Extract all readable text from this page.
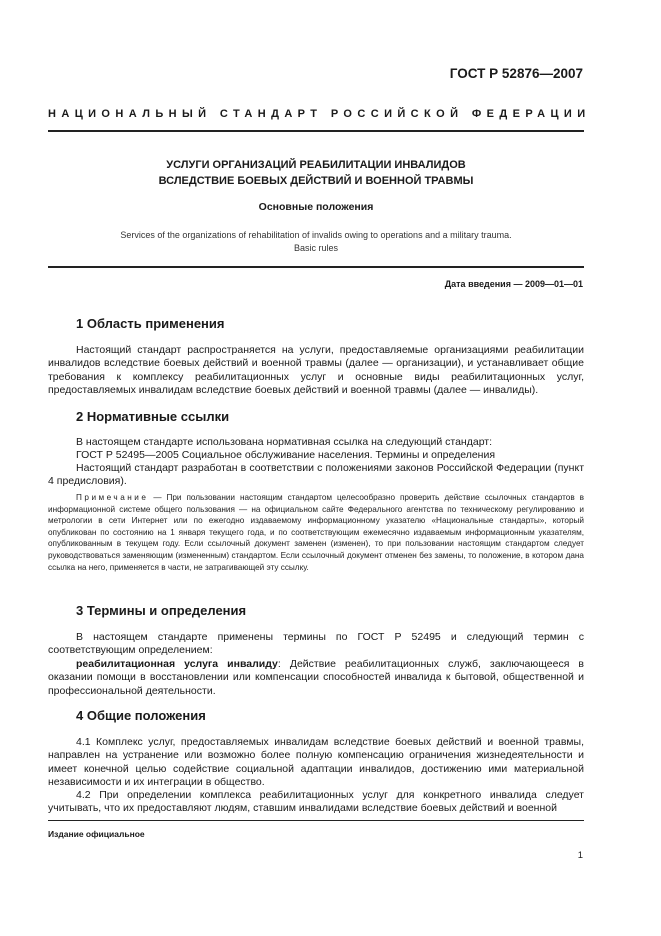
ГОСТ Р 52876—2007
НАЦИОНАЛЬНЫЙ СТАНДАРТ РОССИЙСКОЙ ФЕДЕРАЦИИ
УСЛУГИ ОРГАНИЗАЦИЙ РЕАБИЛИТАЦИИ ИНВАЛИДОВ
ВСЛЕДСТВИЕ БОЕВЫХ ДЕЙСТВИЙ И ВОЕННОЙ ТРАВМЫ
Основные положения
Services of the organizations of rehabilitation of invalids owing to operations and a military trauma.
Basic rules
Дата введения — 2009—01—01
1 Область применения
Настоящий стандарт распространяется на услуги, предоставляемые организациями реабилитации инвалидов вследствие боевых действий и военной травмы (далее — организации), и устанавливает общие требования к комплексу реабилитационных услуг и основные виды реабилитационных услуг, предоставляемых инвалидам вследствие боевых действий и военной травмы (далее — инвалиды).
2 Нормативные ссылки
В настоящем стандарте использована нормативная ссылка на следующий стандарт:
ГОСТ Р 52495—2005 Социальное обслуживание населения. Термины и определения
Настоящий стандарт разработан в соответствии с положениями законов Российской Федерации (пункт 4 предисловия).
Примечание — При пользовании настоящим стандартом целесообразно проверить действие ссылочных стандартов в информационной системе общего пользования — на официальном сайте Федерального агентства по техническому регулированию и метрологии в сети Интернет или по ежегодно издаваемому информационному указателю «Национальные стандарты», который опубликован по состоянию на 1 января текущего года, и по соответствующим ежемесячно издаваемым информационным указателям, опубликованным в текущем году. Если ссылочный документ заменен (изменен), то при пользовании настоящим стандартом следует руководствоваться заменяющим (измененным) стандартом. Если ссылочный документ отменен без замены, то положение, в котором дана ссылка на него, применяется в части, не затрагивающей эту ссылку.
3 Термины и определения
В настоящем стандарте применены термины по ГОСТ Р 52495 и следующий термин с соответствующим определением:
реабилитационная услуга инвалиду: Действие реабилитационных служб, заключающееся в оказании помощи в восстановлении или компенсации способностей инвалида к бытовой, общественной и профессиональной деятельности.
4 Общие положения
4.1 Комплекс услуг, предоставляемых инвалидам вследствие боевых действий и военной травмы, направлен на устранение или возможно более полную компенсацию ограничения жизнедеятельности и имеет конечной целью содействие социальной адаптации инвалидов, достижению ими материальной независимости и их интеграции в общество.
4.2 При определении комплекса реабилитационных услуг для конкретного инвалида следует учитывать, что их предоставляют людям, ставшим инвалидами вследствие боевых действий и военной
Издание официальное
1
